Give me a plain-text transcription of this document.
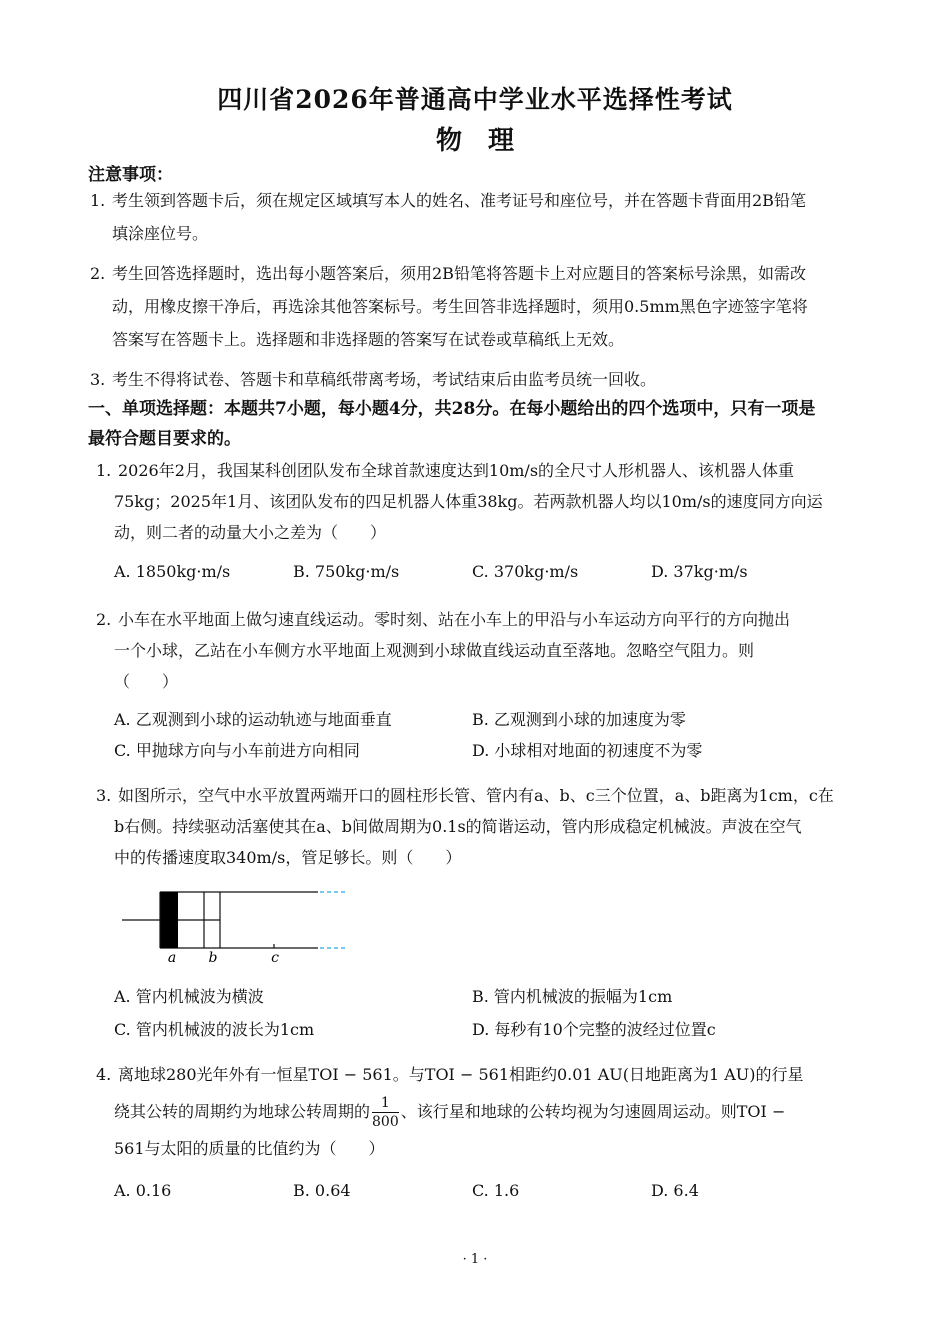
四川省2026年普通高中学业水平选择性考试
物　理
注意事项：
1. 考生领到答题卡后，须在规定区域填写本人的姓名、准考证号和座位号，并在答题卡背面用2B铅笔
填涂座位号。
2. 考生回答选择题时，选出每小题答案后，须用2B铅笔将答题卡上对应题目的答案标号涂黑，如需改
动，用橡皮擦干净后，再选涂其他答案标号。考生回答非选择题时，须用0.5mm黑色字迹签字笔将
答案写在答题卡上。选择题和非选择题的答案写在试卷或草稿纸上无效。
3. 考生不得将试卷、答题卡和草稿纸带离考场，考试结束后由监考员统一回收。
一、单项选择题：本题共7小题，每小题4分，共28分。在每小题给出的四个选项中，只有一项是
最符合题目要求的。
1. 2026年2月，我国某科创团队发布全球首款速度达到10m/s的全尺寸人形机器人、该机器人体重
75kg；2025年1月、该团队发布的四足机器人体重38kg。若两款机器人均以10m/s的速度同方向运
动，则二者的动量大小之差为（　　）
A. 1850kg·m/s	B. 750kg·m/s	C. 370kg·m/s	D. 37kg·m/s
2. 小车在水平地面上做匀速直线运动。零时刻、站在小车上的甲沿与小车运动方向平行的方向抛出
一个小球，乙站在小车侧方水平地面上观测到小球做直线运动直至落地。忽略空气阻力。则
（　　）
A. 乙观测到小球的运动轨迹与地面垂直	B. 乙观测到小球的加速度为零
C. 甲抛球方向与小车前进方向相同	D. 小球相对地面的初速度不为零
3. 如图所示，空气中水平放置两端开口的圆柱形长管、管内有a、b、c三个位置，a、b距离为1cm，c在
b右侧。持续驱动活塞使其在a、b间做周期为0.1s的简谐运动，管内形成稳定机械波。声波在空气
中的传播速度取340m/s，管足够长。则（　　）
a b	c
A. 管内机械波为横波	B. 管内机械波的振幅为1cm
C. 管内机械波的波长为1cm	D. 每秒有10个完整的波经过位置c
4. 离地球280光年外有一恒星TOI − 561。与TOI − 561相距约0.01 AU(日地距离为1 AU)的行星
绕其公转的周期约为地球公转周期的 $\frac{1}{800}$ 、该行星和地球的公转均视为匀速圆周运动。则TOI −
561与太阳的质量的比值约为（　　）
A. 0.16	B. 0.64	C. 1.6	D. 6.4
· 1 ·
